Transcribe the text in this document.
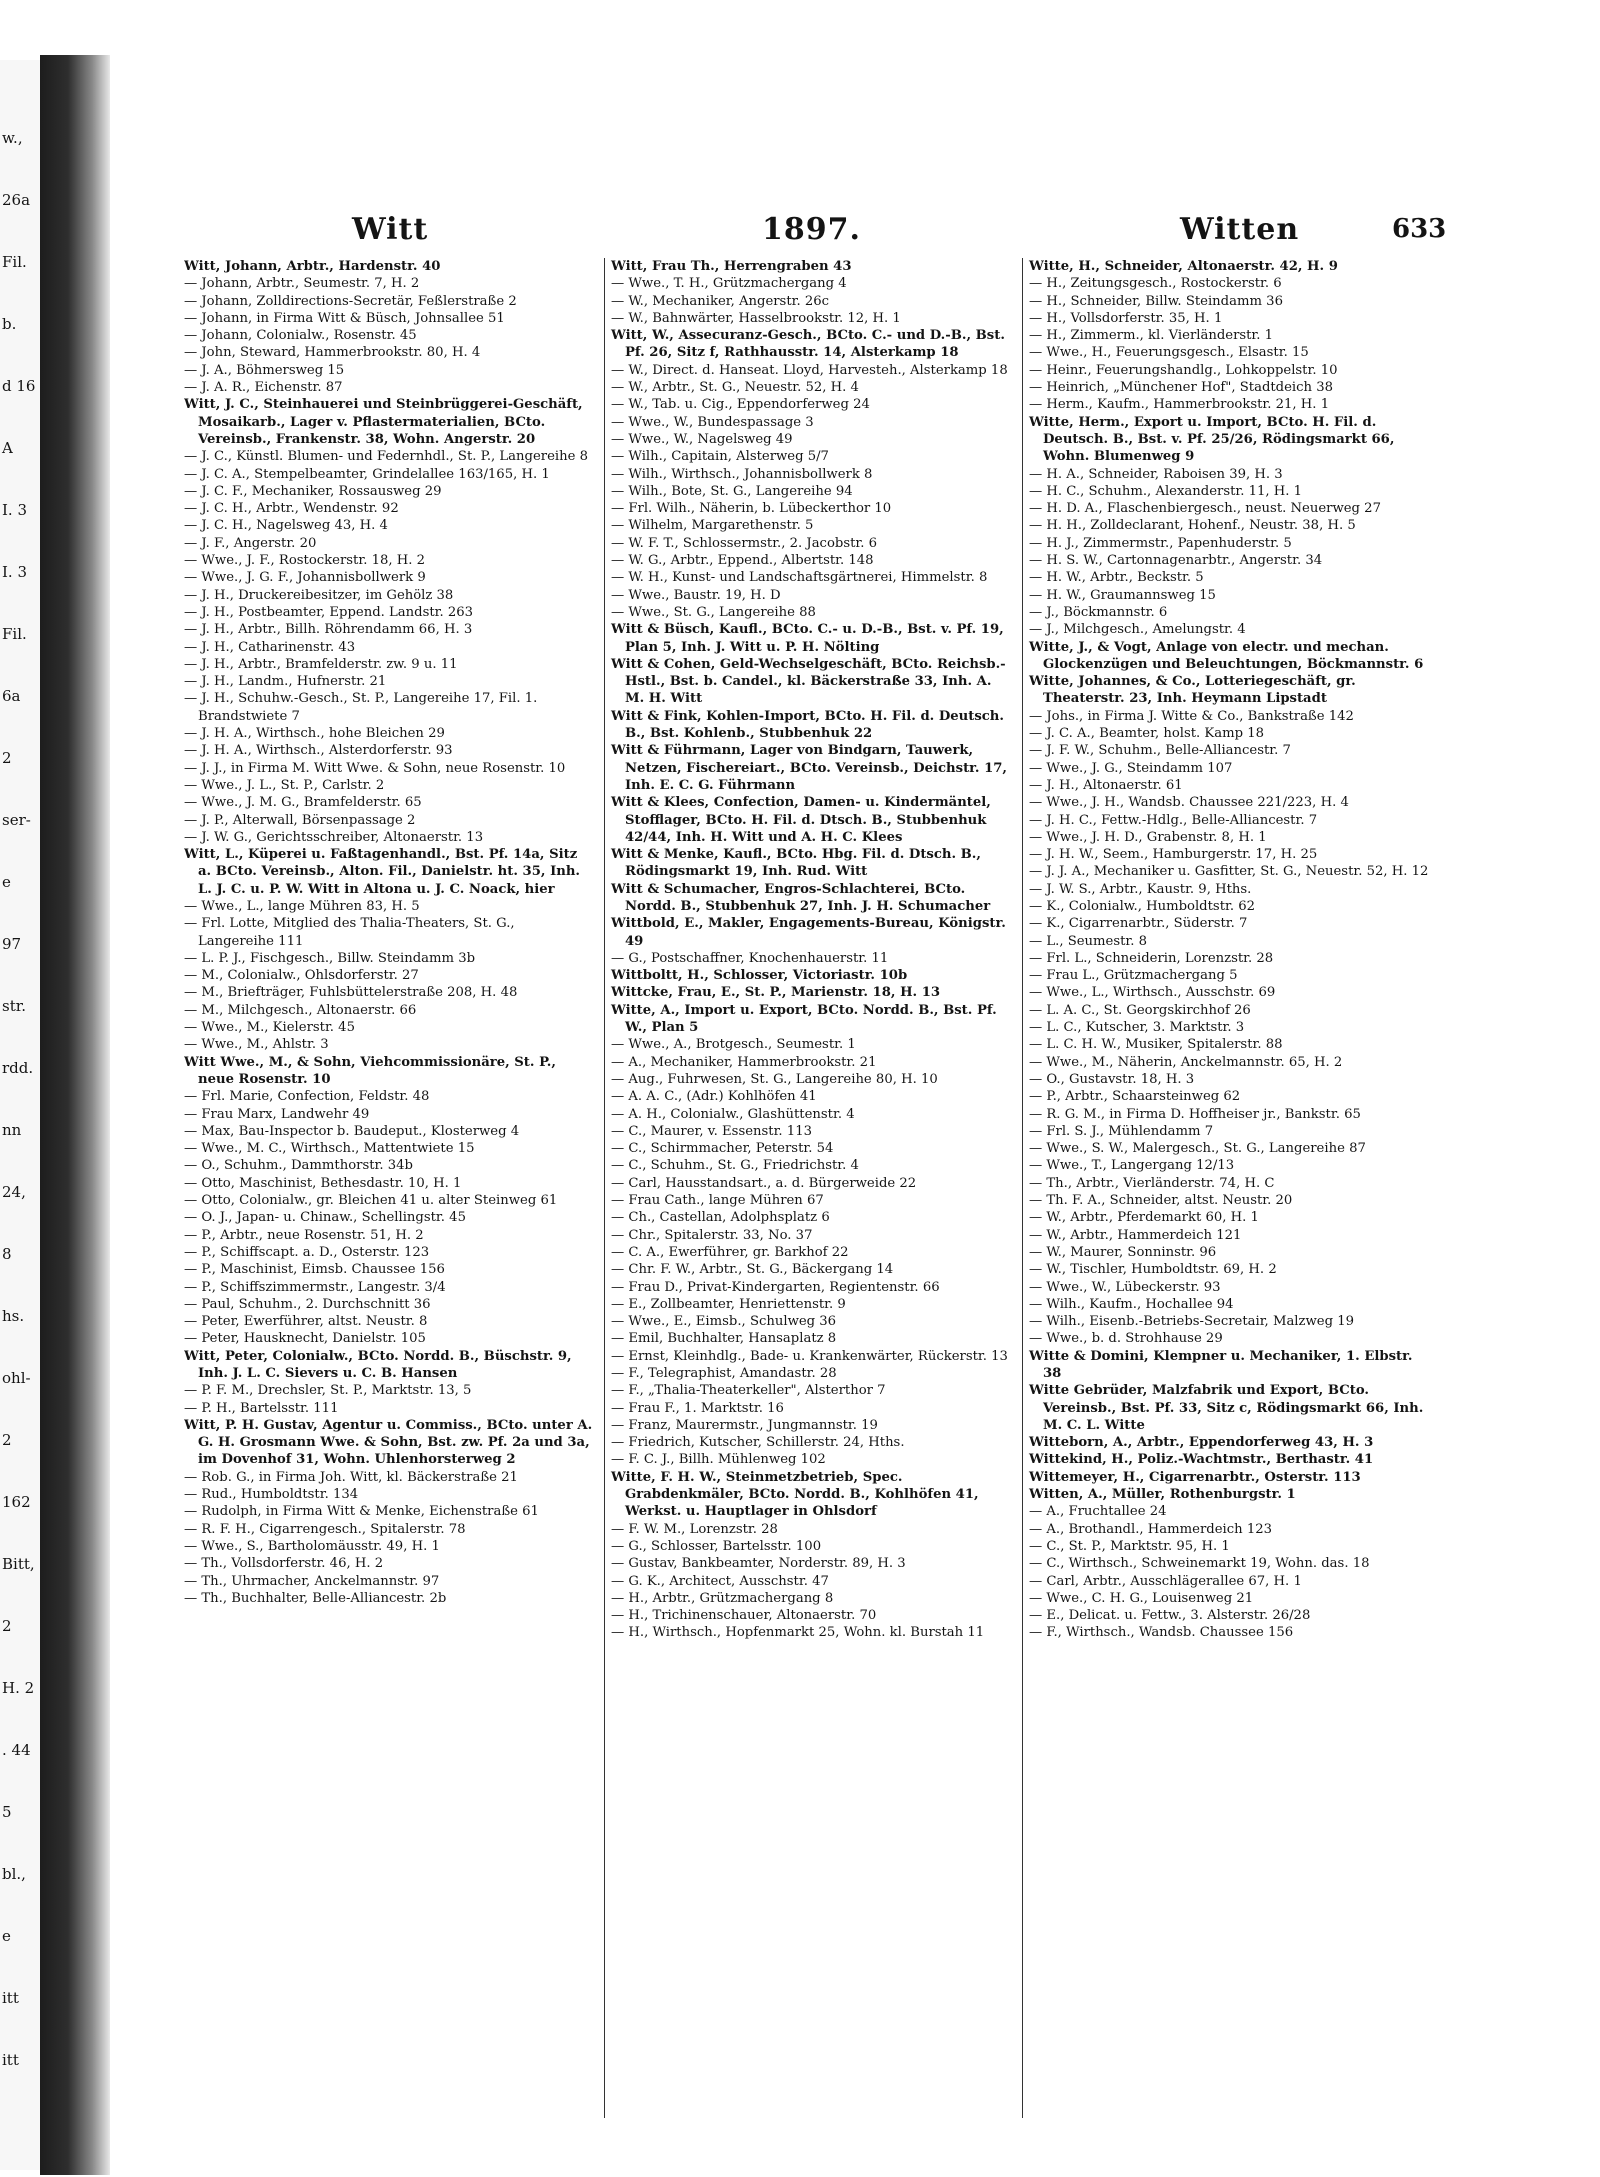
w.,
26a
Fil.
b.
d 16
A
I. 3
I. 3
Fil.
6a
2
ser-
e
97
str.
rdd.
nn
24,
8
hs.
ohl-
2
162
Bitt,
2
H. 2
. 44
5
bl.,
e
itt
itt
Witt	1897.	Witten	633

Witt, Johann, Arbtr., Hardenstr. 40

— Johann, Arbtr., Seumestr. 7, H. 2

— Johann, Zolldirections-Secretär, Feßlerstraße 2

— Johann, in Firma Witt & Büsch, Johnsallee 51

— Johann, Colonialw., Rosenstr. 45

— John, Steward, Hammerbrookstr. 80, H. 4

— J. A., Böhmersweg 15

— J. A. R., Eichenstr. 87

Witt, J. C., Steinhauerei und Steinbrüggerei-Geschäft, Mosaikarb., Lager v. Pflastermaterialien, BCto. Vereinsb., Frankenstr. 38, Wohn. Angerstr. 20

— J. C., Künstl. Blumen- und Federnhdl., St. P., Langereihe 8

— J. C. A., Stempelbeamter, Grindelallee 163/165, H. 1

— J. C. F., Mechaniker, Rossausweg 29

— J. C. H., Arbtr., Wendenstr. 92

— J. C. H., Nagelsweg 43, H. 4

— J. F., Angerstr. 20

— Wwe., J. F., Rostockerstr. 18, H. 2

— Wwe., J. G. F., Johannisbollwerk 9

— J. H., Druckereibesitzer, im Gehölz 38

— J. H., Postbeamter, Eppend. Landstr. 263

— J. H., Arbtr., Billh. Röhrendamm 66, H. 3

— J. H., Catharinenstr. 43

— J. H., Arbtr., Bramfelderstr. zw. 9 u. 11

— J. H., Landm., Hufnerstr. 21

— J. H., Schuhw.-Gesch., St. P., Langereihe 17, Fil. 1. Brandstwiete 7

— J. H. A., Wirthsch., hohe Bleichen 29

— J. H. A., Wirthsch., Alsterdorferstr. 93

— J. J., in Firma M. Witt Wwe. & Sohn, neue Rosenstr. 10

— Wwe., J. L., St. P., Carlstr. 2

— Wwe., J. M. G., Bramfelderstr. 65

— J. P., Alterwall, Börsenpassage 2

— J. W. G., Gerichtsschreiber, Altonaerstr. 13

Witt, L., Küperei u. Faßtagenhandl., Bst. Pf. 14a, Sitz a. BCto. Vereinsb., Alton. Fil., Danielstr. ht. 35, Inh. L. J. C. u. P. W. Witt in Altona u. J. C. Noack, hier

— Wwe., L., lange Mühren 83, H. 5

— Frl. Lotte, Mitglied des Thalia-Theaters, St. G., Langereihe 111

— L. P. J., Fischgesch., Billw. Steindamm 3b

— M., Colonialw., Ohlsdorferstr. 27

— M., Briefträger, Fuhlsbüttelerstraße 208, H. 48

— M., Milchgesch., Altonaerstr. 66

— Wwe., M., Kielerstr. 45

— Wwe., M., Ahlstr. 3

Witt Wwe., M., & Sohn, Viehcommissionäre, St. P., neue Rosenstr. 10

— Frl. Marie, Confection, Feldstr. 48

— Frau Marx, Landwehr 49

— Max, Bau-Inspector b. Baudeput., Klosterweg 4

— Wwe., M. C., Wirthsch., Mattentwiete 15

— O., Schuhm., Dammthorstr. 34b

— Otto, Maschinist, Bethesdastr. 10, H. 1

— Otto, Colonialw., gr. Bleichen 41 u. alter Steinweg 61

— O. J., Japan- u. Chinaw., Schellingstr. 45

— P., Arbtr., neue Rosenstr. 51, H. 2

— P., Schiffscapt. a. D., Osterstr. 123

— P., Maschinist, Eimsb. Chaussee 156

— P., Schiffszimmermstr., Langestr. 3/4

— Paul, Schuhm., 2. Durchschnitt 36

— Peter, Ewerführer, altst. Neustr. 8

— Peter, Hausknecht, Danielstr. 105

Witt, Peter, Colonialw., BCto. Nordd. B., Büschstr. 9, Inh. J. L. C. Sievers u. C. B. Hansen

— P. F. M., Drechsler, St. P., Marktstr. 13, 5

— P. H., Bartelsstr. 111

Witt, P. H. Gustav, Agentur u. Commiss., BCto. unter A. G. H. Grosmann Wwe. & Sohn, Bst. zw. Pf. 2a und 3a, im Dovenhof 31, Wohn. Uhlenhorsterweg 2

— Rob. G., in Firma Joh. Witt, kl. Bäckerstraße 21

— Rud., Humboldtstr. 134

— Rudolph, in Firma Witt & Menke, Eichenstraße 61

— R. F. H., Cigarrengesch., Spitalerstr. 78

— Wwe., S., Bartholomäusstr. 49, H. 1

— Th., Vollsdorferstr. 46, H. 2

— Th., Uhrmacher, Anckelmannstr. 97

— Th., Buchhalter, Belle-Alliancestr. 2b

Witt, Frau Th., Herrengraben 43

— Wwe., T. H., Grützmachergang 4

— W., Mechaniker, Angerstr. 26c

— W., Bahnwärter, Hasselbrookstr. 12, H. 1

Witt, W., Assecuranz-Gesch., BCto. C.- und D.-B., Bst. Pf. 26, Sitz f, Rathhausstr. 14, Alsterkamp 18

— W., Direct. d. Hanseat. Lloyd, Harvesteh., Alsterkamp 18

— W., Arbtr., St. G., Neuestr. 52, H. 4

— W., Tab. u. Cig., Eppendorferweg 24

— Wwe., W., Bundespassage 3

— Wwe., W., Nagelsweg 49

— Wilh., Capitain, Alsterweg 5/7

— Wilh., Wirthsch., Johannisbollwerk 8

— Wilh., Bote, St. G., Langereihe 94

— Frl. Wilh., Näherin, b. Lübeckerthor 10

— Wilhelm, Margarethenstr. 5

— W. F. T., Schlossermstr., 2. Jacobstr. 6

— W. G., Arbtr., Eppend., Albertstr. 148

— W. H., Kunst- und Landschaftsgärtnerei, Himmelstr. 8

— Wwe., Baustr. 19, H. D

— Wwe., St. G., Langereihe 88

Witt & Büsch, Kaufl., BCto. C.- u. D.-B., Bst. v. Pf. 19, Plan 5, Inh. J. Witt u. P. H. Nölting

Witt & Cohen, Geld-Wechselgeschäft, BCto. Reichsb.-Hstl., Bst. b. Candel., kl. Bäckerstraße 33, Inh. A. M. H. Witt

Witt & Fink, Kohlen-Import, BCto. H. Fil. d. Deutsch. B., Bst. Kohlenb., Stubbenhuk 22

Witt & Führmann, Lager von Bindgarn, Tauwerk, Netzen, Fischereiart., BCto. Vereinsb., Deichstr. 17, Inh. E. C. G. Führmann

Witt & Klees, Confection, Damen- u. Kindermäntel, Stofflager, BCto. H. Fil. d. Dtsch. B., Stubbenhuk 42/44, Inh. H. Witt und A. H. C. Klees

Witt & Menke, Kaufl., BCto. Hbg. Fil. d. Dtsch. B., Rödingsmarkt 19, Inh. Rud. Witt

Witt & Schumacher, Engros-Schlachterei, BCto. Nordd. B., Stubbenhuk 27, Inh. J. H. Schumacher

Wittbold, E., Makler, Engagements-Bureau, Königstr. 49

— G., Postschaffner, Knochenhauerstr. 11

Wittboltt, H., Schlosser, Victoriastr. 10b

Wittcke, Frau, E., St. P., Marienstr. 18, H. 13

Witte, A., Import u. Export, BCto. Nordd. B., Bst. Pf. W., Plan 5

— Wwe., A., Brotgesch., Seumestr. 1

— A., Mechaniker, Hammerbrookstr. 21

— Aug., Fuhrwesen, St. G., Langereihe 80, H. 10

— A. A. C., (Adr.) Kohlhöfen 41

— A. H., Colonialw., Glashüttenstr. 4

— C., Maurer, v. Essenstr. 113

— C., Schirmmacher, Peterstr. 54

— C., Schuhm., St. G., Friedrichstr. 4

— Carl, Hausstandsart., a. d. Bürgerweide 22

— Frau Cath., lange Mühren 67

— Ch., Castellan, Adolphsplatz 6

— Chr., Spitalerstr. 33, No. 37

— C. A., Ewerführer, gr. Barkhof 22

— Chr. F. W., Arbtr., St. G., Bäckergang 14

— Frau D., Privat-Kindergarten, Regientenstr. 66

— E., Zollbeamter, Henriettenstr. 9

— Wwe., E., Eimsb., Schulweg 36

— Emil, Buchhalter, Hansaplatz 8

— Ernst, Kleinhdlg., Bade- u. Krankenwärter, Rückerstr. 13

— F., Telegraphist, Amandastr. 28

— F., „Thalia-Theaterkeller", Alsterthor 7

— Frau F., 1. Marktstr. 16

— Franz, Maurermstr., Jungmannstr. 19

— Friedrich, Kutscher, Schillerstr. 24, Hths.

— F. C. J., Billh. Mühlenweg 102

Witte, F. H. W., Steinmetzbetrieb, Spec. Grabdenkmäler, BCto. Nordd. B., Kohlhöfen 41, Werkst. u. Hauptlager in Ohlsdorf

— F. W. M., Lorenzstr. 28

— G., Schlosser, Bartelsstr. 100

— Gustav, Bankbeamter, Norderstr. 89, H. 3

— G. K., Architect, Ausschstr. 47

— H., Arbtr., Grützmachergang 8

— H., Trichinenschauer, Altonaerstr. 70

— H., Wirthsch., Hopfenmarkt 25, Wohn. kl. Burstah 11

Witte, H., Schneider, Altonaerstr. 42, H. 9

— H., Zeitungsgesch., Rostockerstr. 6

— H., Schneider, Billw. Steindamm 36

— H., Vollsdorferstr. 35, H. 1

— H., Zimmerm., kl. Vierländerstr. 1

— Wwe., H., Feuerungsgesch., Elsastr. 15

— Heinr., Feuerungshandlg., Lohkoppelstr. 10

— Heinrich, „Münchener Hof", Stadtdeich 38

— Herm., Kaufm., Hammerbrookstr. 21, H. 1

Witte, Herm., Export u. Import, BCto. H. Fil. d. Deutsch. B., Bst. v. Pf. 25/26, Rödingsmarkt 66, Wohn. Blumenweg 9

— H. A., Schneider, Raboisen 39, H. 3

— H. C., Schuhm., Alexanderstr. 11, H. 1

— H. D. A., Flaschenbiergesch., neust. Neuerweg 27

— H. H., Zolldeclarant, Hohenf., Neustr. 38, H. 5

— H. J., Zimmermstr., Papenhuderstr. 5

— H. S. W., Cartonnagenarbtr., Angerstr. 34

— H. W., Arbtr., Beckstr. 5

— H. W., Graumannsweg 15

— J., Böckmannstr. 6

— J., Milchgesch., Amelungstr. 4

Witte, J., & Vogt, Anlage von electr. und mechan. Glockenzügen und Beleuchtungen, Böckmannstr. 6

Witte, Johannes, & Co., Lotteriegeschäft, gr. Theaterstr. 23, Inh. Heymann Lipstadt

— Johs., in Firma J. Witte & Co., Bankstraße 142

— J. C. A., Beamter, holst. Kamp 18

— J. F. W., Schuhm., Belle-Alliancestr. 7

— Wwe., J. G., Steindamm 107

— J. H., Altonaerstr. 61

— Wwe., J. H., Wandsb. Chaussee 221/223, H. 4

— J. H. C., Fettw.-Hdlg., Belle-Alliancestr. 7

— Wwe., J. H. D., Grabenstr. 8, H. 1

— J. H. W., Seem., Hamburgerstr. 17, H. 25

— J. J. A., Mechaniker u. Gasfitter, St. G., Neuestr. 52, H. 12

— J. W. S., Arbtr., Kaustr. 9, Hths.

— K., Colonialw., Humboldtstr. 62

— K., Cigarrenarbtr., Süderstr. 7

— L., Seumestr. 8

— Frl. L., Schneiderin, Lorenzstr. 28

— Frau L., Grützmachergang 5

— Wwe., L., Wirthsch., Ausschstr. 69

— L. A. C., St. Georgskirchhof 26

— L. C., Kutscher, 3. Marktstr. 3

— L. C. H. W., Musiker, Spitalerstr. 88

— Wwe., M., Näherin, Anckelmannstr. 65, H. 2

— O., Gustavstr. 18, H. 3

— P., Arbtr., Schaarsteinweg 62

— R. G. M., in Firma D. Hoffheiser jr., Bankstr. 65

— Frl. S. J., Mühlendamm 7

— Wwe., S. W., Malergesch., St. G., Langereihe 87

— Wwe., T., Langergang 12/13

— Th., Arbtr., Vierländerstr. 74, H. C

— Th. F. A., Schneider, altst. Neustr. 20

— W., Arbtr., Pferdemarkt 60, H. 1

— W., Arbtr., Hammerdeich 121

— W., Maurer, Sonninstr. 96

— W., Tischler, Humboldtstr. 69, H. 2

— Wwe., W., Lübeckerstr. 93

— Wilh., Kaufm., Hochallee 94

— Wilh., Eisenb.-Betriebs-Secretair, Malzweg 19

— Wwe., b. d. Strohhause 29

Witte & Domini, Klempner u. Mechaniker, 1. Elbstr. 38

Witte Gebrüder, Malzfabrik und Export, BCto. Vereinsb., Bst. Pf. 33, Sitz c, Rödingsmarkt 66, Inh. M. C. L. Witte

Witteborn, A., Arbtr., Eppendorferweg 43, H. 3

Wittekind, H., Poliz.-Wachtmstr., Berthastr. 41

Wittemeyer, H., Cigarrenarbtr., Osterstr. 113

Witten, A., Müller, Rothenburgstr. 1

— A., Fruchtallee 24

— A., Brothandl., Hammerdeich 123

— C., St. P., Marktstr. 95, H. 1

— C., Wirthsch., Schweinemarkt 19, Wohn. das. 18

— Carl, Arbtr., Ausschlägerallee 67, H. 1

— Wwe., C. H. G., Louisenweg 21

— E., Delicat. u. Fettw., 3. Alsterstr. 26/28

— F., Wirthsch., Wandsb. Chaussee 156
